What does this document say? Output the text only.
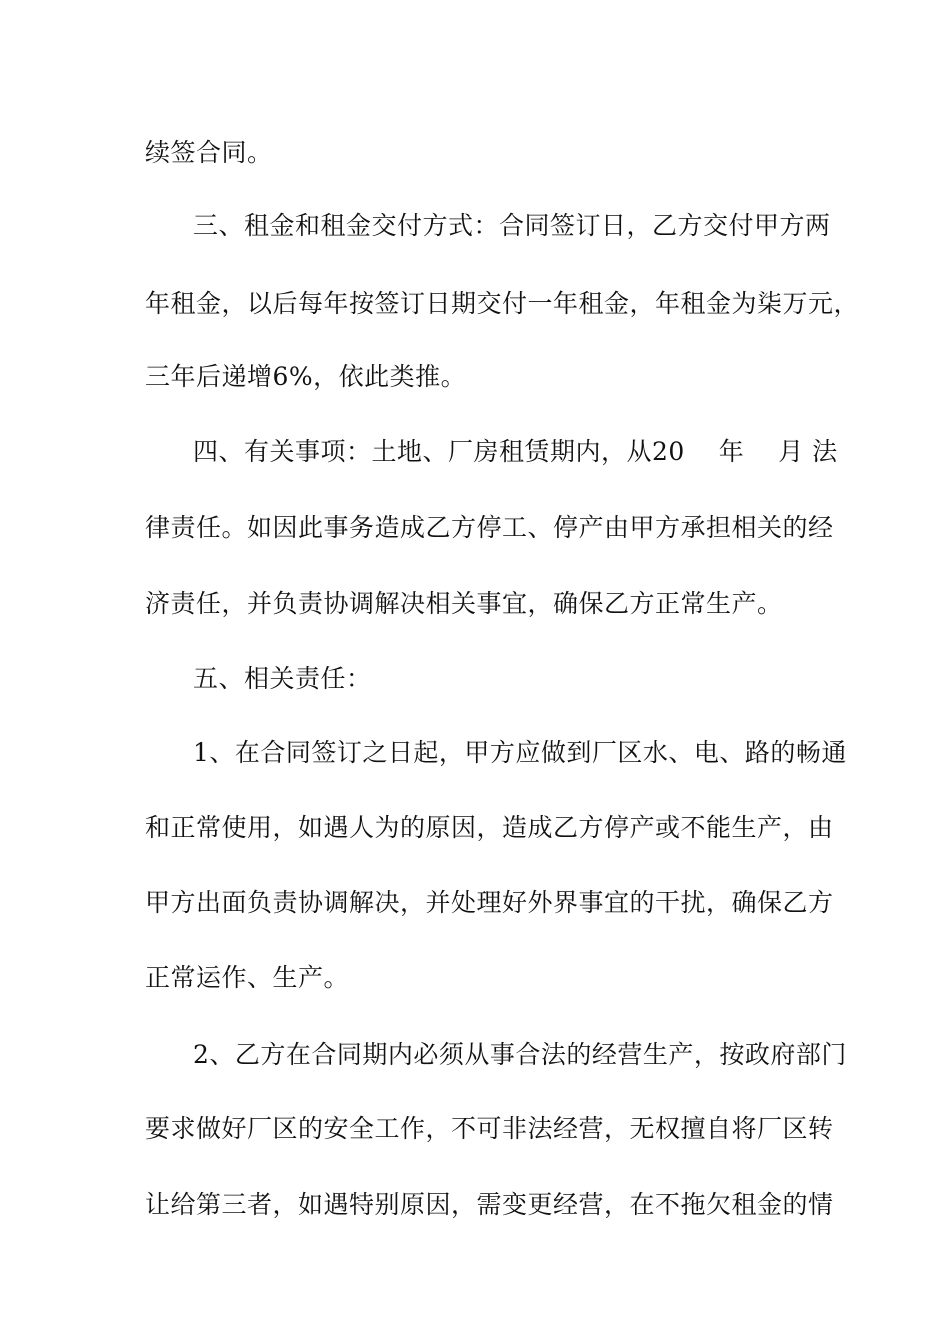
续签合同。
三、租金和租金交付方式：合同签订日，乙方交付甲方两
年租金，以后每年按签订日期交付一年租金，年租金为柒万元，
三年后递增6%，依此类推。
四、有关事项：土地、厂房租赁期内，从20　 年　 月 法
律责任。如因此事务造成乙方停工、停产由甲方承担相关的经
济责任，并负责协调解决相关事宜，确保乙方正常生产。
五、相关责任：
1、在合同签订之日起，甲方应做到厂区水、电、路的畅通
和正常使用，如遇人为的原因，造成乙方停产或不能生产，由
甲方出面负责协调解决，并处理好外界事宜的干扰，确保乙方
正常运作、生产。
2、乙方在合同期内必须从事合法的经营生产，按政府部门
要求做好厂区的安全工作，不可非法经营，无权擅自将厂区转
让给第三者，如遇特别原因，需变更经营，在不拖欠租金的情
